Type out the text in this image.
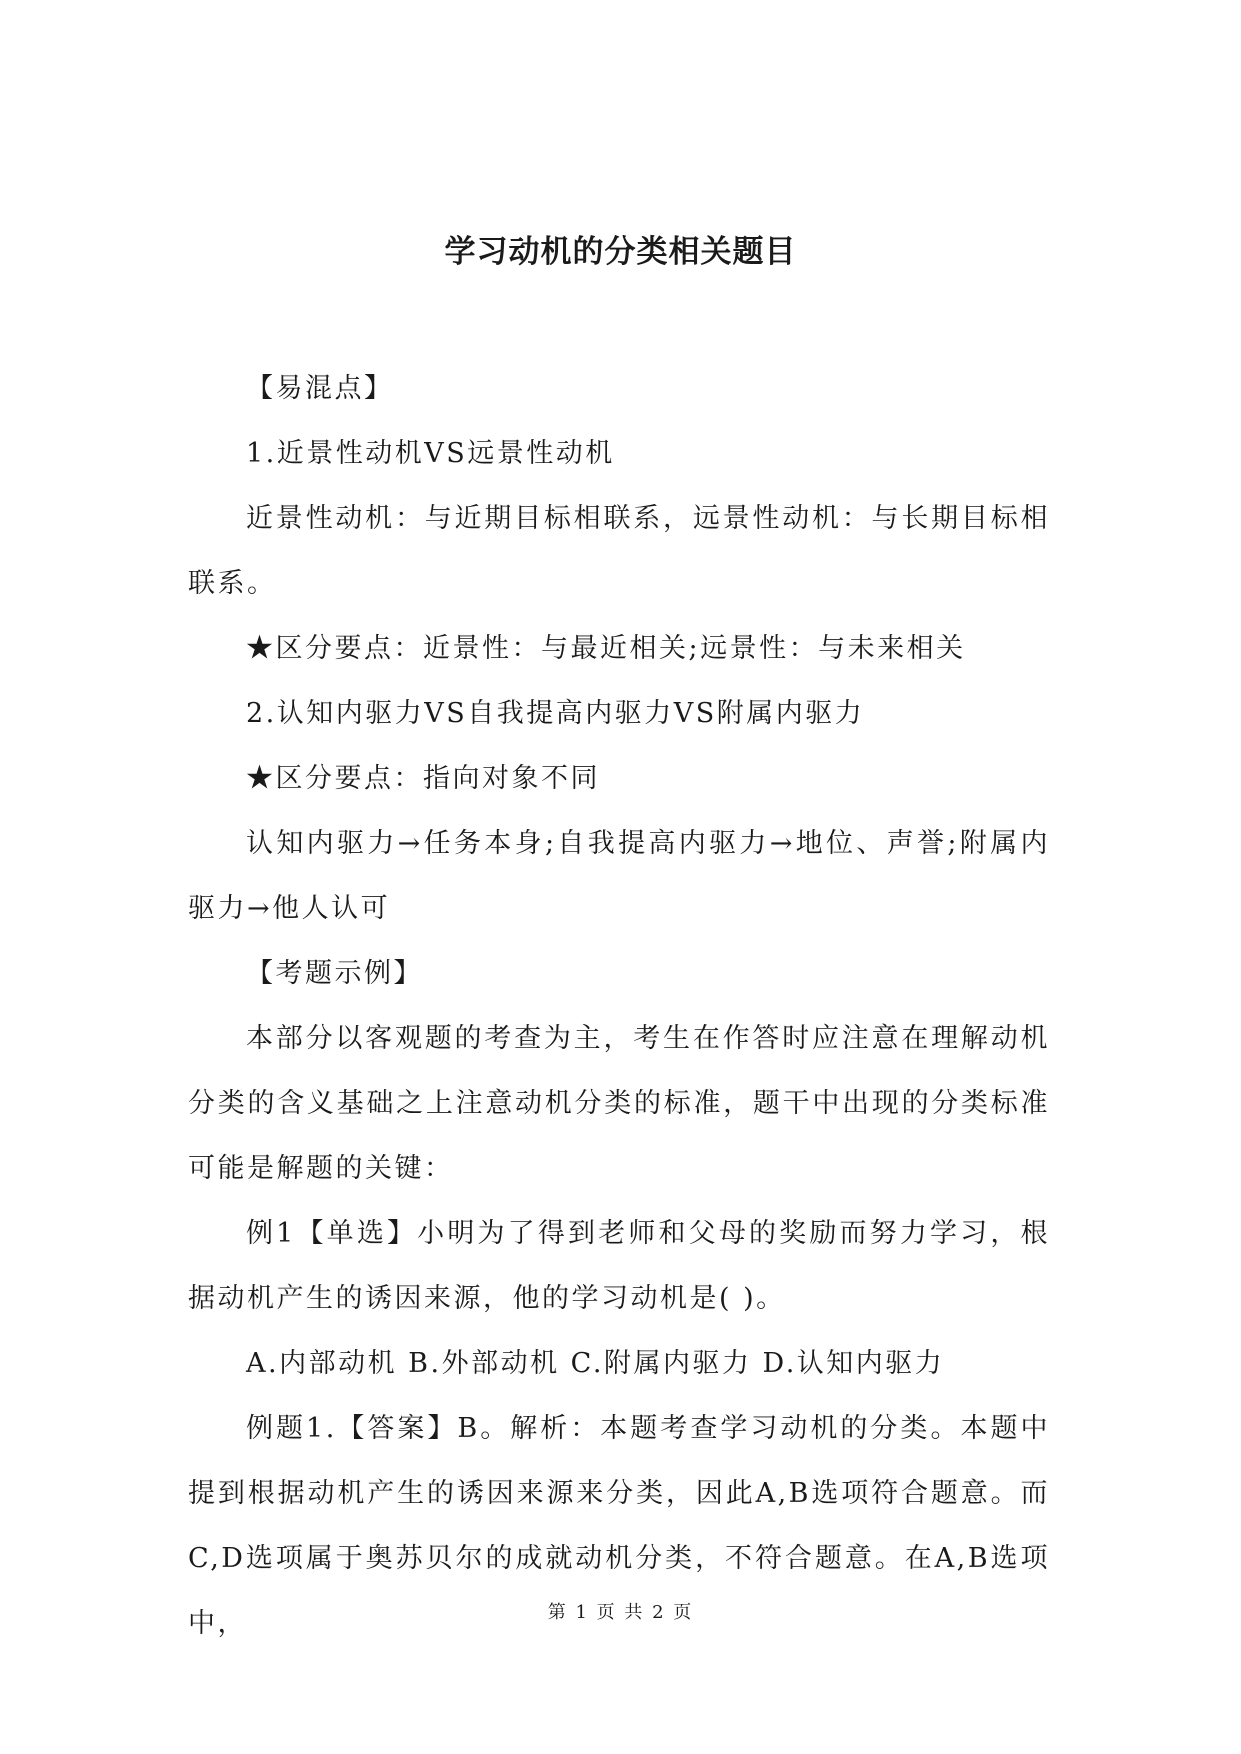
学习动机的分类相关题目

【易混点】

1.近景性动机VS远景性动机

近景性动机：与近期目标相联系，远景性动机：与长期目标相联系。

★区分要点：近景性：与最近相关;远景性：与未来相关

2.认知内驱力VS自我提高内驱力VS附属内驱力

★区分要点：指向对象不同

认知内驱力→任务本身;自我提高内驱力→地位、声誉;附属内驱力→他人认可

【考题示例】

本部分以客观题的考查为主，考生在作答时应注意在理解动机分类的含义基础之上注意动机分类的标准，题干中出现的分类标准可能是解题的关键：

例1【单选】小明为了得到老师和父母的奖励而努力学习，根据动机产生的诱因来源，他的学习动机是( )。

A.内部动机 B.外部动机 C.附属内驱力 D.认知内驱力

例题1.【答案】B。解析：本题考查学习动机的分类。本题中提到根据动机产生的诱因来源来分类，因此A,B选项符合题意。而C,D选项属于奥苏贝尔的成就动机分类，不符合题意。在A,B选项中，	第 1 页 共 2 页
